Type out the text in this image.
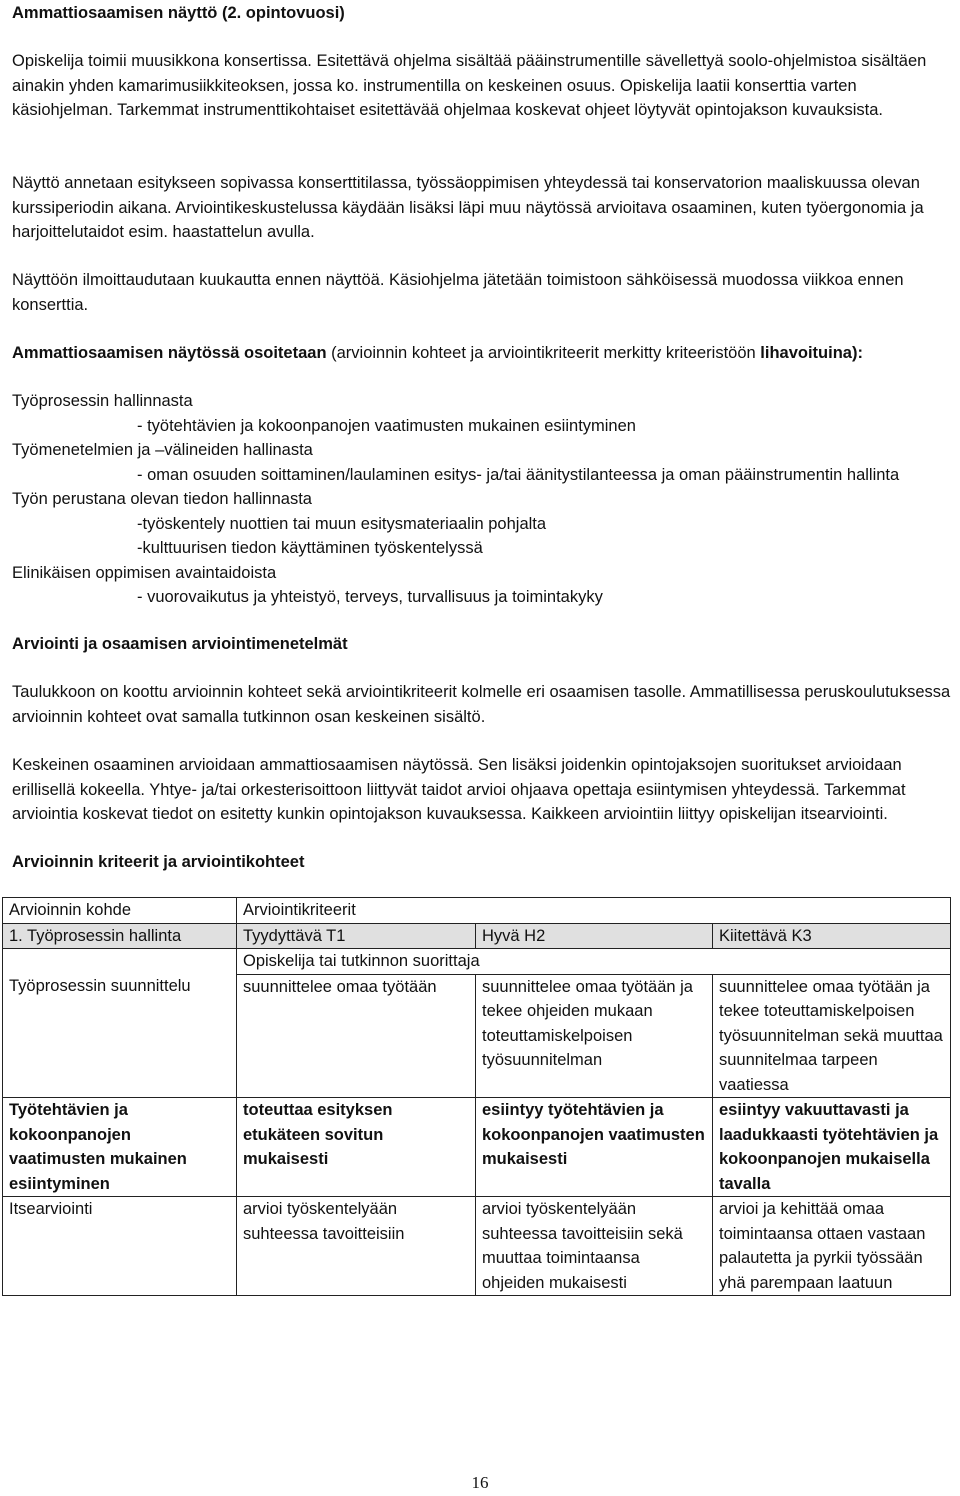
Ammattiosaamisen näyttö (2. opintovuosi)

Opiskelija toimii muusikkona konsertissa. Esitettävä ohjelma sisältää pääinstrumentille sävellettyä soolo-ohjelmistoa sisältäen ainakin yhden kamarimusiikkiteoksen, jossa ko. instrumentilla on keskeinen osuus. Opiskelija laatii konserttia varten käsiohjelman. Tarkemmat instrumenttikohtaiset esitettävää ohjelmaa koskevat ohjeet löytyvät opintojakson kuvauksista.

Näyttö annetaan esitykseen sopivassa konserttitilassa, työssäoppimisen yhteydessä tai konservatorion maaliskuussa olevan kurssiperiodin aikana. Arviointikeskustelussa käydään lisäksi läpi muu näytössä arvioitava osaaminen, kuten työergonomia ja harjoittelutaidot esim. haastattelun avulla.

Näyttöön ilmoittaudutaan kuukautta ennen näyttöä. Käsiohjelma jätetään toimistoon sähköisessä muodossa viikkoa ennen konserttia.

Ammattiosaamisen näytössä osoitetaan (arvioinnin kohteet ja arviointikriteerit merkitty kriteeristöön lihavoituina):

Työprosessin hallinnasta

- työtehtävien ja kokoonpanojen vaatimusten mukainen esiintyminen

Työmenetelmien ja –välineiden hallinasta

- oman osuuden soittaminen/laulaminen esitys- ja/tai äänitystilanteessa ja oman pääinstrumentin hallinta

Työn perustana olevan tiedon hallinnasta

-työskentely nuottien tai muun esitysmateriaalin pohjalta

-kulttuurisen tiedon käyttäminen työskentelyssä

Elinikäisen oppimisen avaintaidoista

- vuorovaikutus ja yhteistyö, terveys, turvallisuus ja toimintakyky

Arviointi ja osaamisen arviointimenetelmät

Taulukkoon on koottu arvioinnin kohteet sekä arviointikriteerit kolmelle eri osaamisen tasolle. Ammatillisessa peruskoulutuksessa arvioinnin kohteet ovat samalla tutkinnon osan keskeinen sisältö.

Keskeinen osaaminen arvioidaan ammattiosaamisen näytössä. Sen lisäksi joidenkin opintojaksojen suoritukset arvioidaan erillisellä kokeella. Yhtye- ja/tai orkesterisoittoon liittyvät taidot arvioi ohjaava opettaja esiintymisen yhteydessä. Tarkemmat arviointia koskevat tiedot on esitetty kunkin opintojakson kuvauksessa. Kaikkeen arviointiin liittyy opiskelijan itsearviointi.

Arvioinnin kriteerit ja arviointikohteet

Arvioinnin kohde	Arviointikriteerit		
1. Työprosessin hallinta	Tyydyttävä T1	Hyvä H2	Kiitettävä K3
	Opiskelija tai tutkinnon suorittaja		
Työprosessin suunnittelu	suunnittelee omaa työtään	suunnittelee omaa työtään ja tekee ohjeiden mukaan toteuttamiskelpoisen työsuunnitelman	suunnittelee omaa työtään ja tekee toteuttamiskelpoisen työsuunnitelman sekä muuttaa suunnitelmaa tarpeen vaatiessa
Työtehtävien ja kokoonpanojen vaatimusten mukainen esiintyminen	toteuttaa esityksen etukäteen sovitun mukaisesti	esiintyy työtehtävien ja kokoonpanojen vaatimusten mukaisesti	esiintyy vakuuttavasti ja laadukkaasti työtehtävien ja kokoonpanojen mukaisella tavalla
Itsearviointi	arvioi työskentelyään suhteessa tavoitteisiin	arvioi työskentelyään suhteessa tavoitteisiin sekä muuttaa toimintaansa ohjeiden mukaisesti	arvioi ja kehittää omaa toimintaansa ottaen vastaan palautetta ja pyrkii työssään yhä parempaan laatuun
16
